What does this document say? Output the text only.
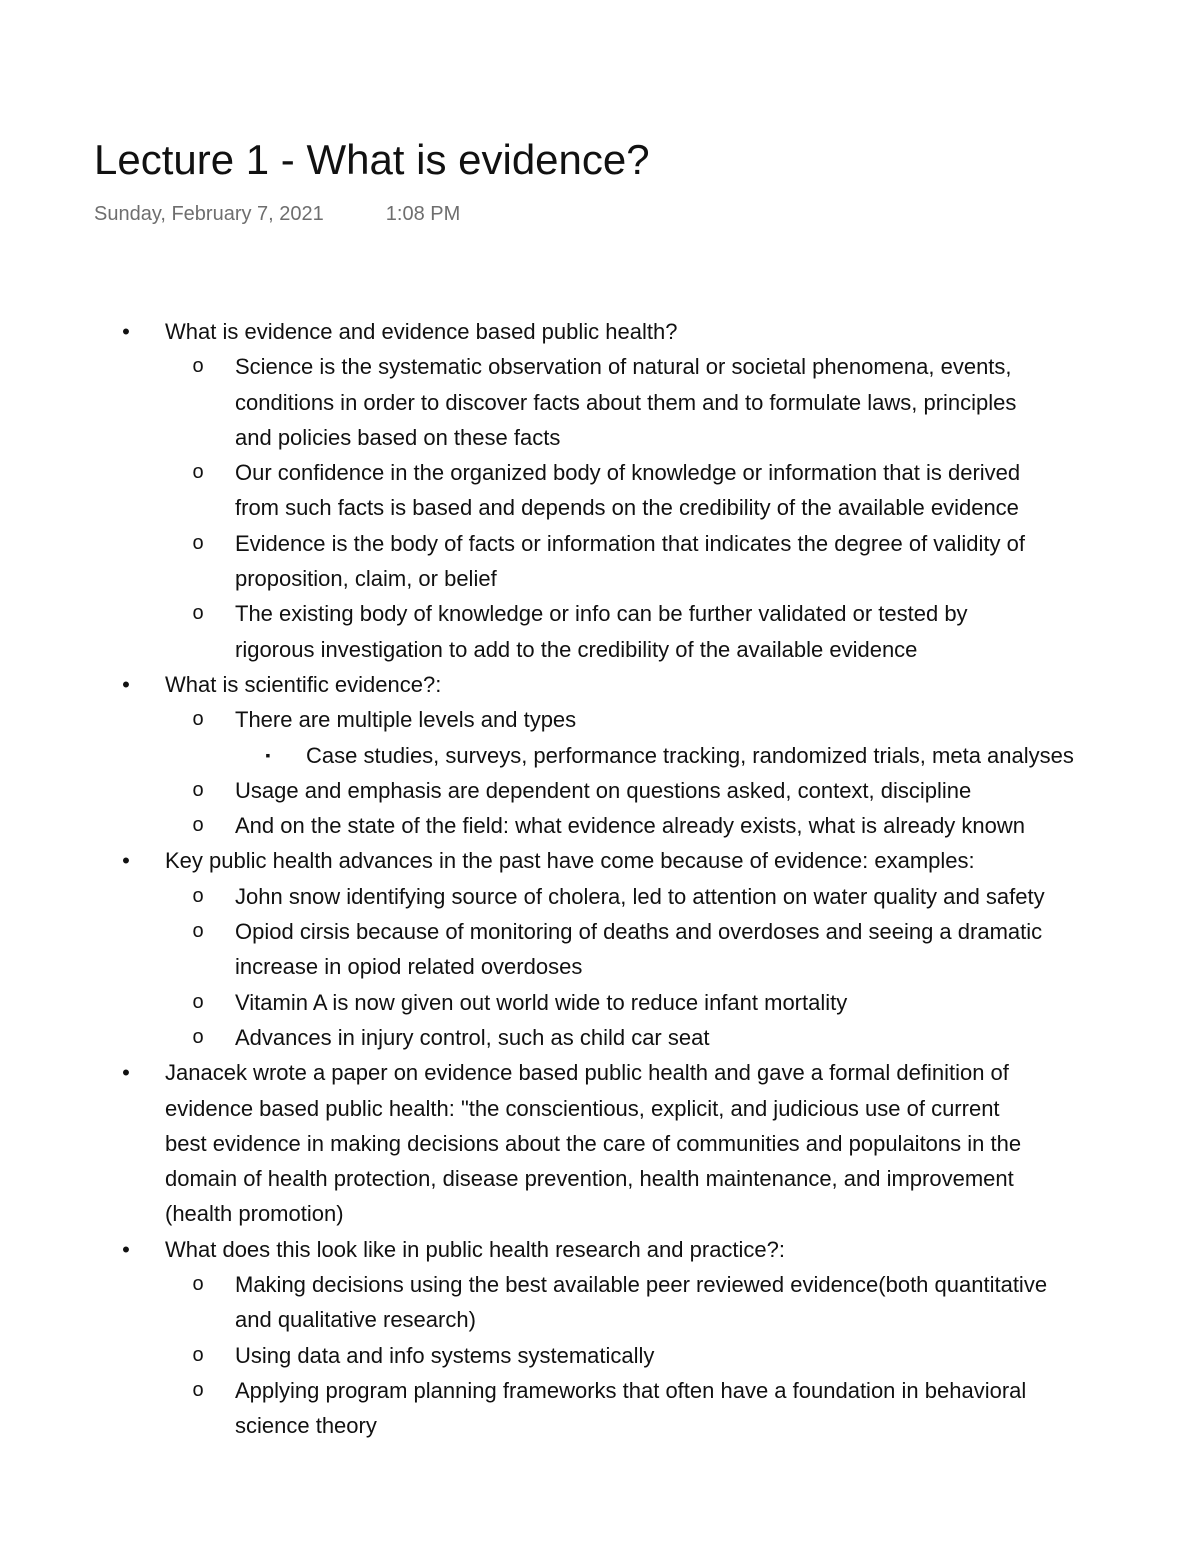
Lecture 1 - What is evidence?
Sunday, February 7, 2021	1:08 PM
•	What is evidence and evidence based public health?
o	Science is the systematic observation of natural or societal phenomena, events,
conditions in order to discover facts about them and to formulate laws, principles
and policies based on these facts
o	Our confidence in the organized body of knowledge or information that is derived
from such facts is based and depends on the credibility of the available evidence
o	Evidence is the body of facts or information that indicates the degree of validity of
proposition, claim, or belief
o	The existing body of knowledge or info can be further validated or tested by
rigorous investigation to add to the credibility of the available evidence
•	What is scientific evidence?:
o	There are multiple levels and types
▪	Case studies, surveys, performance tracking, randomized trials, meta analyses
o	Usage and emphasis are dependent on questions asked, context, discipline
o	And on the state of the field: what evidence already exists, what is already known
•	Key public health advances in the past have come because of evidence: examples:
o	John snow identifying source of cholera, led to attention on water quality and safety
o	Opiod cirsis because of monitoring of deaths and overdoses and seeing a dramatic
increase in opiod related overdoses
o	Vitamin A is now given out world wide to reduce infant mortality
o	Advances in injury control, such as child car seat
•	Janacek wrote a paper on evidence based public health and gave a formal definition of
evidence based public health: "the conscientious, explicit, and judicious use of current
best evidence in making decisions about the care of communities and populaitons in the
domain of health protection, disease prevention, health maintenance, and improvement
(health promotion)
•	What does this look like in public health research and practice?:
o	Making decisions using the best available peer reviewed evidence(both quantitative
and qualitative research)
o	Using data and info systems systematically
o	Applying program planning frameworks that often have a foundation in behavioral
science theory
